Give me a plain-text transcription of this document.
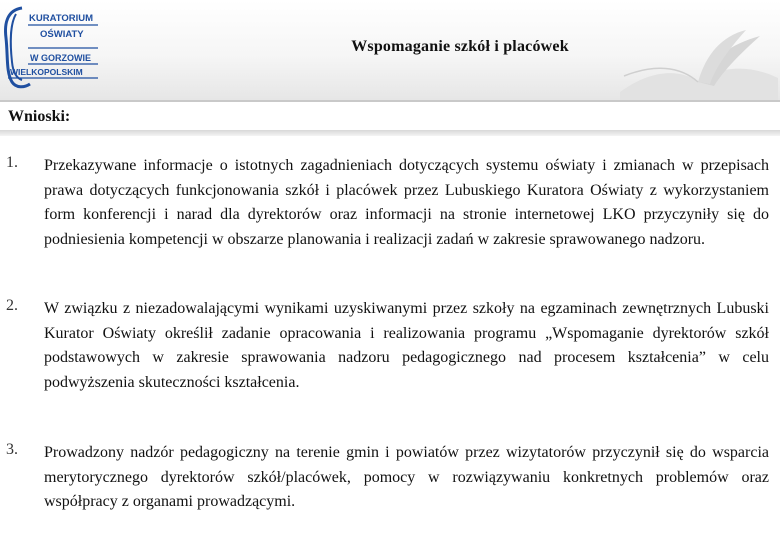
KURATORIUM
OŚWIATY
W GORZOWIE
WIELKOPOLSKIM
Wspomaganie szkół i placówek
Wnioski:
1. Przekazywane informacje o istotnych zagadnieniach dotyczących systemu oświaty i zmianach w przepisach prawa dotyczących funkcjonowania szkół i placówek przez Lubuskiego Kuratora Oświaty z wykorzystaniem form konferencji i narad dla dyrektorów oraz informacji na stronie internetowej LKO przyczyniły się do podniesienia kompetencji w obszarze planowania i realizacji zadań w zakresie sprawowanego nadzoru.

2. W związku z niezadowalającymi wynikami uzyskiwanymi przez szkoły na egzaminach zewnętrznych Lubuski Kurator Oświaty określił zadanie opracowania i realizowania programu „Wspomaganie dyrektorów szkół podstawowych w zakresie sprawowania nadzoru pedagogicznego nad procesem kształcenia” w celu podwyższenia skuteczności kształcenia.

3. Prowadzony nadzór pedagogiczny na terenie gmin i powiatów przez wizytatorów przyczynił się do wsparcia merytorycznego dyrektorów szkół/placówek, pomocy w rozwiązywaniu konkretnych problemów oraz współpracy z organami prowadzącymi.
